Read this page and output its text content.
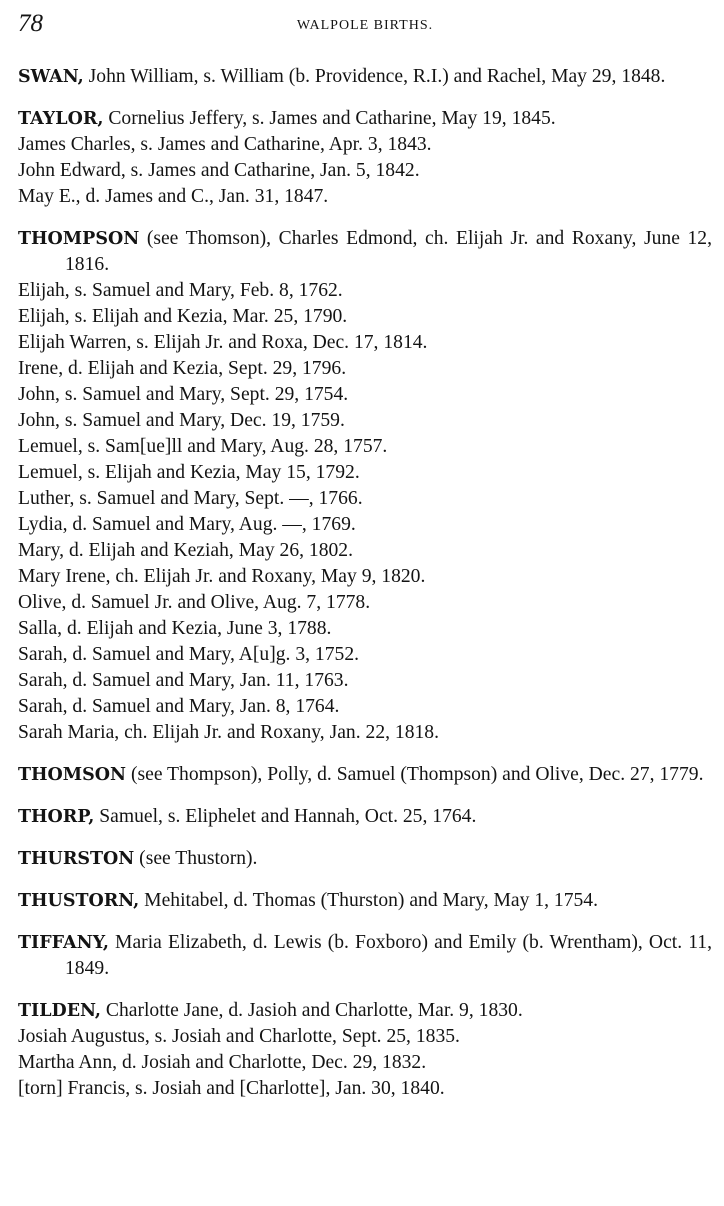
78	WALPOLE BIRTHS.

SWAN, John William, s. William (b. Providence, R.I.) and Rachel, May 29, 1848.

TAYLOR, Cornelius Jeffery, s. James and Catharine, May 19, 1845.

James Charles, s. James and Catharine, Apr. 3, 1843.

John Edward, s. James and Catharine, Jan. 5, 1842.

May E., d. James and C., Jan. 31, 1847.

THOMPSON (see Thomson), Charles Edmond, ch. Elijah Jr. and Roxany, June 12, 1816.

Elijah, s. Samuel and Mary, Feb. 8, 1762.

Elijah, s. Elijah and Kezia, Mar. 25, 1790.

Elijah Warren, s. Elijah Jr. and Roxa, Dec. 17, 1814.

Irene, d. Elijah and Kezia, Sept. 29, 1796.

John, s. Samuel and Mary, Sept. 29, 1754.

John, s. Samuel and Mary, Dec. 19, 1759.

Lemuel, s. Sam[ue]ll and Mary, Aug. 28, 1757.

Lemuel, s. Elijah and Kezia, May 15, 1792.

Luther, s. Samuel and Mary, Sept. —, 1766.

Lydia, d. Samuel and Mary, Aug. —, 1769.

Mary, d. Elijah and Keziah, May 26, 1802.

Mary Irene, ch. Elijah Jr. and Roxany, May 9, 1820.

Olive, d. Samuel Jr. and Olive, Aug. 7, 1778.

Salla, d. Elijah and Kezia, June 3, 1788.

Sarah, d. Samuel and Mary, A[u]g. 3, 1752.

Sarah, d. Samuel and Mary, Jan. 11, 1763.

Sarah, d. Samuel and Mary, Jan. 8, 1764.

Sarah Maria, ch. Elijah Jr. and Roxany, Jan. 22, 1818.

THOMSON (see Thompson), Polly, d. Samuel (Thompson) and Olive, Dec. 27, 1779.

THORP, Samuel, s. Eliphelet and Hannah, Oct. 25, 1764.

THURSTON (see Thustorn).

THUSTORN, Mehitabel, d. Thomas (Thurston) and Mary, May 1, 1754.

TIFFANY, Maria Elizabeth, d. Lewis (b. Foxboro) and Emily (b. Wrentham), Oct. 11, 1849.

TILDEN, Charlotte Jane, d. Jasioh and Charlotte, Mar. 9, 1830.

Josiah Augustus, s. Josiah and Charlotte, Sept. 25, 1835.

Martha Ann, d. Josiah and Charlotte, Dec. 29, 1832.

[torn] Francis, s. Josiah and [Charlotte], Jan. 30, 1840.
